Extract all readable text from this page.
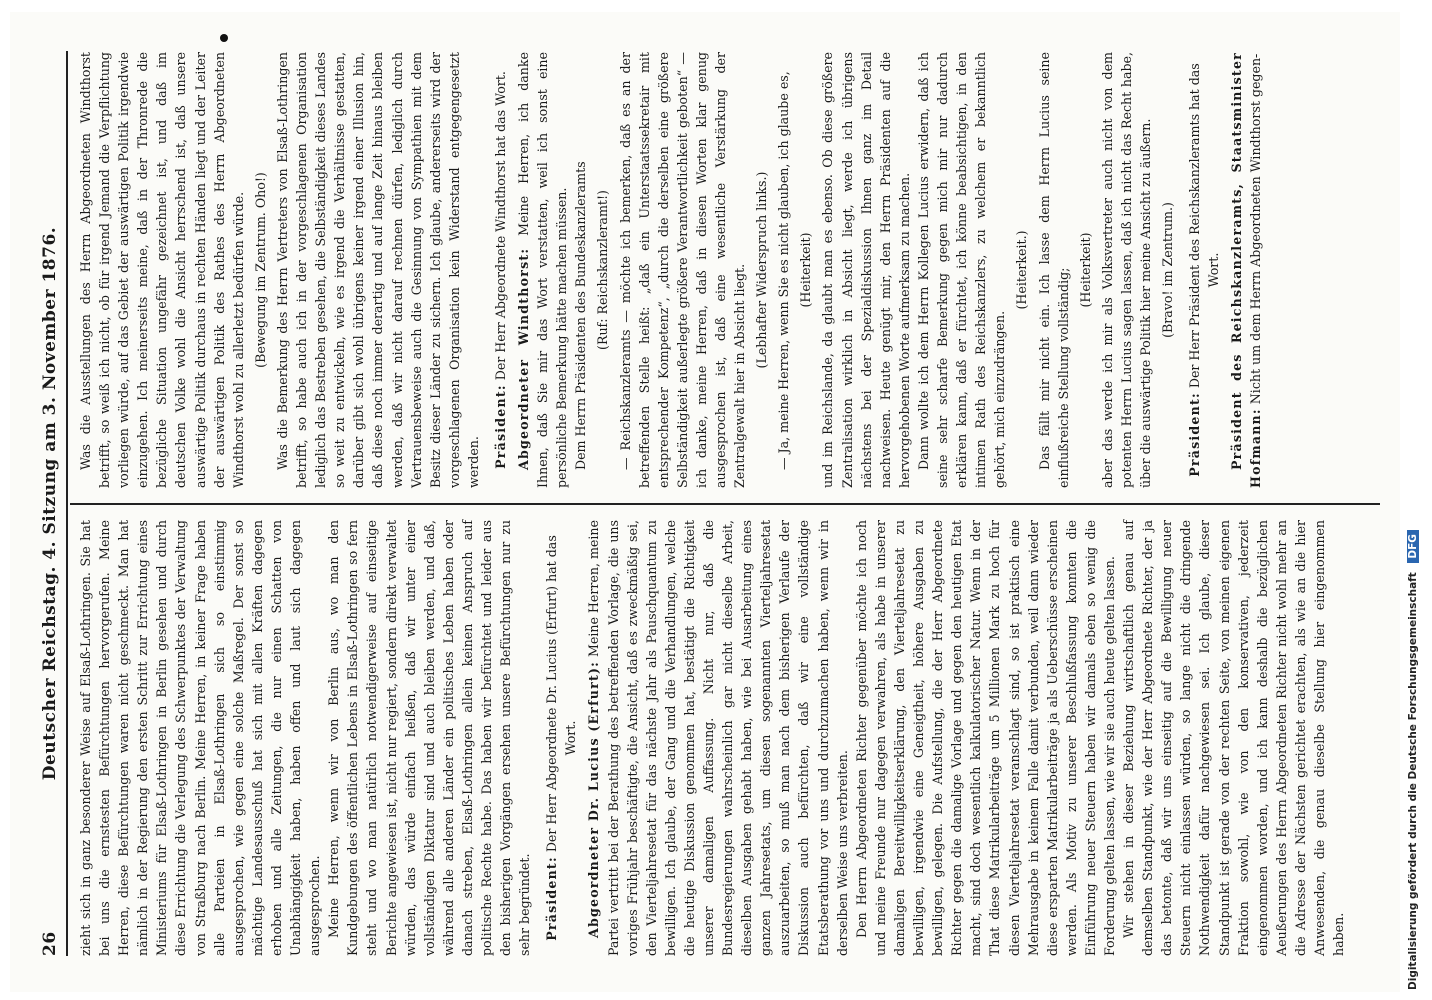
26
Deutscher Reichstag. 4. Sitzung am 3. November 1876. zieht sich in ganz besonderer Weise auf Elsaß-Lothringen. Sie hat bei uns die ernstesten Befürchtungen hervorgerufen. Meine Herren, diese Befürchtungen waren nicht geschmeckt. Man hat nämlich in der Regierung den ersten Schritt zur Errichtung eines Ministeriums für Elsaß-Lothringen in Berlin gesehen und durch diese Errichtung die Verlegung des Schwerpunktes der Verwaltung von Straßburg nach Berlin. Meine Herren, in keiner Frage haben alle Parteien in Elsaß-Lothringen sich so einstimmig ausgesprochen, wie gegen eine solche Maßregel. Der sonst so mächtige Landesausschuß hat sich mit allen Kräften dagegen erhoben und alle Zeitungen, die nur einen Schatten von Unabhängigkeit haben, haben offen und laut sich dagegen ausgesprochen. Meine Herren, wenn wir von Berlin aus, wo man den Kundgebungen des öffentlichen Lebens in Elsaß-Lothringen so fern steht und wo man natürlich notwendigerweise auf einseitige Berichte angewiesen ist, nicht nur regiert, sondern direkt verwaltet würden, das würde einfach heißen, daß wir unter einer vollständigen Diktatur sind und auch bleiben werden, und daß, während alle anderen Länder ein politisches Leben haben oder danach streben, Elsaß-Lothringen allein keinen Anspruch auf politische Rechte habe. Das haben wir befürchtet und leider aus den bisherigen Vorgängen ersehen unsere Befürchtungen nur zu sehr begründet. Präsident: Der Herr Abgeordnete Dr. Lucius (Erfurt) hat das Wort. Abgeordneter Dr. Lucius (Erfurt): Meine Herren, meine Partei vertritt bei der Berathung des betreffenden Vorlage, die uns voriges Frühjahr beschäftigte, die Ansicht, daß es zweckmäßig sei, den Vierteljahresetat für das nächste Jahr als Pauschquantum zu bewilligen. Ich glaube, der Gang und die Verhandlungen, welche die heutige Diskussion genommen hat, bestätigt die Richtigkeit unserer damaligen Auffassung. Nicht nur, daß die Bundesregierungen wahrscheinlich gar nicht dieselbe Arbeit, dieselben Ausgaben gehabt haben, wie bei Ausarbeitung eines ganzen Jahresetats, um diesen sogenannten Vierteljahresetat auszuarbeiten, so muß man nach dem bisherigen Verlaufe der Diskussion auch befürchten, daß wir eine vollständige Etatsberathung vor uns und durchzumachen haben, wenn wir in derselben Weise uns verbreiten. Den Herrn Abgeordneten Richter gegenüber möchte ich noch und meine Freunde nur dagegen verwahren, als habe in unserer damaligen Bereitwilligkeitserklärung, den Vierteljahresetat zu bewilligen, irgendwie eine Geneigtheit, höhere Ausgaben zu bewilligen, gelegen. Die Aufstellung, die der Herr Abgeordnete Richter gegen die damalige Vorlage und gegen den heutigen Etat macht, sind doch wesentlich kalkulatorischer Natur. Wenn in der That diese Matrikularbeiträge um 5 Millionen Mark zu hoch für diesen Vierteljahresetat veranschlagt sind, so ist praktisch eine Mehrausgabe in keinem Falle damit verbunden, weil dann wieder diese ersparten Matrikularbeiträge ja als Ueberschüsse erscheinen werden. Als Motiv zu unserer Beschlußfassung konnten die Einführung neuer Steuern haben wir damals eben so wenig die Forderung gelten lassen, wie wir sie auch heute gelten lassen. Wir stehen in dieser Beziehung wirtschaftlich genau auf demselben Standpunkt, wie der Herr Abgeordnete Richter, der ja das betonte, daß wir uns einseitig auf die Bewilligung neuer Steuern nicht einlassen würden, so lange nicht die dringende Nothwendigkeit dafür nachgewiesen sei. Ich glaube, dieser Standpunkt ist gerade von der rechten Seite, von meinen eigenen Fraktion sowohl, wie von den konservativen, jederzeit eingenommen worden, und ich kann deshalb die bezüglichen Aeußerungen des Herrn Abgeordneten Richter nicht wohl mehr an die Adresse der Nächsten gerichtet erachten, als wie an die hier Anwesenden, die genau dieselbe Stellung hier eingenommen haben.

Was die Ausstellungen des Herrn Abgeordneten Windthorst betrifft, so weiß ich nicht, ob für irgend Jemand die Verpflichtung vorliegen würde, auf das Gebiet der auswärtigen Politik irgendwie einzugehen. Ich meinerseits meine, daß in der Thronrede die bezügliche Situation ungefähr gezeichnet ist, und daß im deutschen Volke wohl die Ansicht herrschend ist, daß unsere auswärtige Politik durchaus in rechten Händen liegt und der Leiter der auswärtigen Politik des Rathes des Herrn Abgeordneten Windthorst wohl zu allerletzt bedürfen würde. (Bewegung im Zentrum. Oho!) Was die Bemerkung des Herrn Vertreters von Elsaß-Lothringen betrifft, so habe auch ich in der vorgeschlagenen Organisation lediglich das Bestreben gesehen, die Selbständigkeit dieses Landes so weit zu entwickeln, wie es irgend die Verhältnisse gestatten, darüber gibt sich wohl übrigens keiner irgend einer Illusion hin, daß diese noch immer derartig und auf lange Zeit hinaus bleiben werden, daß wir nicht darauf rechnen dürfen, lediglich durch Vertrauensbeweise auch die Gesinnung von Sympathien mit dem Besitz dieser Länder zu sichern. Ich glaube, andererseits wird der vorgeschlagenen Organisation kein Widerstand entgegengesetzt werden. Präsident: Der Herr Abgeordnete Windthorst hat das Wort. Abgeordneter Windthorst: Meine Herren, ich danke Ihnen, daß Sie mir das Wort verstatten, weil ich sonst eine persönliche Bemerkung hätte machen müssen. Dem Herrn Präsidenten des Bundeskanzleramts (Ruf: Reichskanzleramt!) — Reichskanzleramts — möchte ich bemerken, daß es an der betreffenden Stelle heißt: „daß ein Unterstaatssekretair mit entsprechender Kompetenz“, „durch die derselben eine größere Selbständigkeit außerlegte größere Verantwortlichkeit geboten“ — ich danke, meine Herren, daß in diesen Worten klar genug ausgesprochen ist, daß eine wesentliche Verstärkung der Zentralgewalt hier in Absicht liegt. (Lebhafter Widerspruch links.) — Ja, meine Herren, wenn Sie es nicht glauben, ich glaube es, (Heiterkeit) und im Reichslande, da glaubt man es ebenso. Ob diese größere Zentralisation wirklich in Absicht liegt, werde ich übrigens nächstens bei der Spezialdiskussion Ihnen ganz im Detail nachweisen. Heute genügt mir, den Herrn Präsidenten auf die hervorgehobenen Worte aufmerksam zu machen. Dann wollte ich dem Herrn Kollegen Lucius erwidern, daß ich seine sehr scharfe Bemerkung gegen mich mir nur dadurch erklären kann, daß er fürchtet, ich könne beabsichtigen, in den intimen Rath des Reichskanzlers, zu welchem er bekanntlich gehört, mich einzudrängen.

(Heiterkeit.) Das fällt mir nicht ein. Ich lasse dem Herrn Lucius seine einflußreiche Stellung vollständig; (Heiterkeit) aber das werde ich mir als Volksvertreter auch nicht von dem potenten Herrn Lucius sagen lassen, daß ich nicht das Recht habe, über die auswärtige Politik hier meine Ansicht zu äußern. (Bravo! im Zentrum.)

Präsident: Der Herr Präsident des Reichskanzleramts hat das Wort. Präsident des Reichskanzleramts, Staatsminister Hofmann: Nicht um dem Herrn Abgeordneten Windthorst gegen-

Digitalisierung gefördert durch die Deutsche Forschungsgemeinschaft DFG
